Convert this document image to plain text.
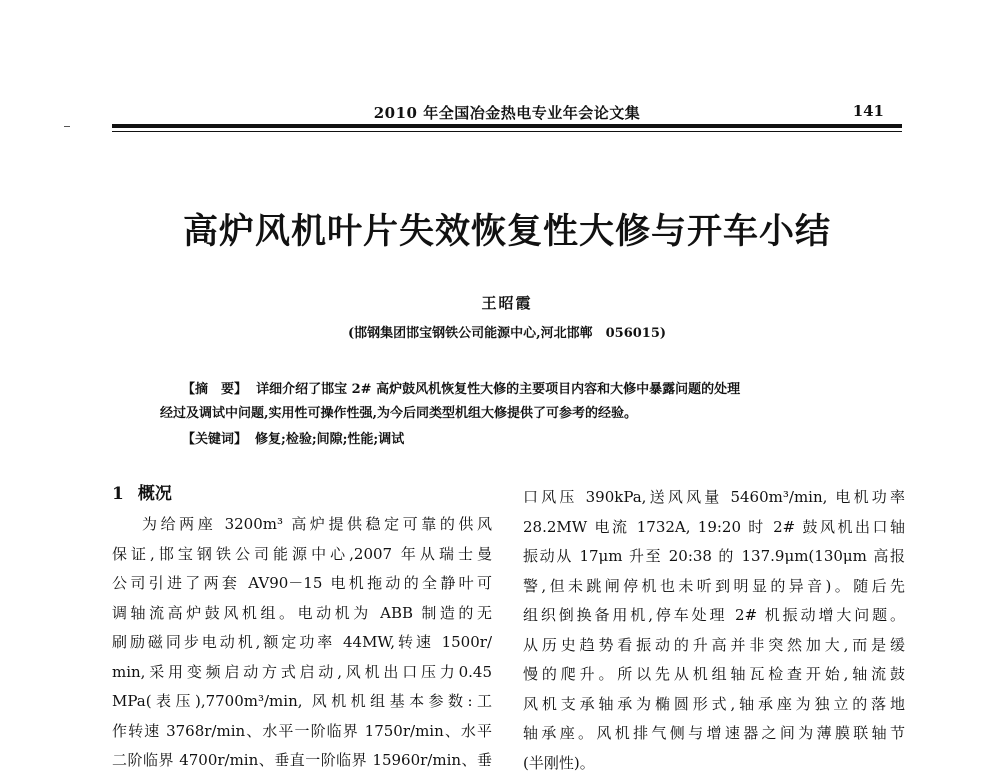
2010 年全国冶金热电专业年会论文集	141
高炉风机叶片失效恢复性大修与开车小结
王昭霞
(邯钢集团邯宝钢铁公司能源中心,河北邯郸　056015)

【摘　要】 详细介绍了邯宝 2# 高炉鼓风机恢复性大修的主要项目内容和大修中暴露问题的处理

经过及调试中问题,实用性可操作性强,为今后同类型机组大修提供了可参考的经验。

【关键词】 修复;检验;间隙;性能;调试
1 概况

为给两座 3200m³ 高炉提供稳定可靠的供风

保证,邯宝钢铁公司能源中心,2007 年从瑞士曼

公司引进了两套 AV90－15 电机拖动的全静叶可

调轴流高炉鼓风机组。电动机为 ABB 制造的无

刷励磁同步电动机,额定功率 44MW,转速 1500r/

min,采用变频启动方式启动,风机出口压力0.45

MPa(表压),7700m³/min, 风机机组基本参数:工

作转速 3768r/min、水平一阶临界 1750r/min、水平

二阶临界 4700r/min、垂直一阶临界 15960r/min、垂

口风压 390kPa,送风风量 5460m³/min, 电机功率

28.2MW 电流 1732A, 19:20 时 2# 鼓风机出口轴

振动从 17μm 升至 20:38 的 137.9μm(130μm 高报

警,但未跳闸停机也未听到明显的异音)。随后先

组织倒换备用机,停车处理 2# 机振动增大问题。

从历史趋势看振动的升高并非突然加大,而是缓

慢的爬升。所以先从机组轴瓦检查开始,轴流鼓

风机支承轴承为椭圆形式,轴承座为独立的落地

轴承座。风机排气侧与增速器之间为薄膜联轴节

(半刚性)。
